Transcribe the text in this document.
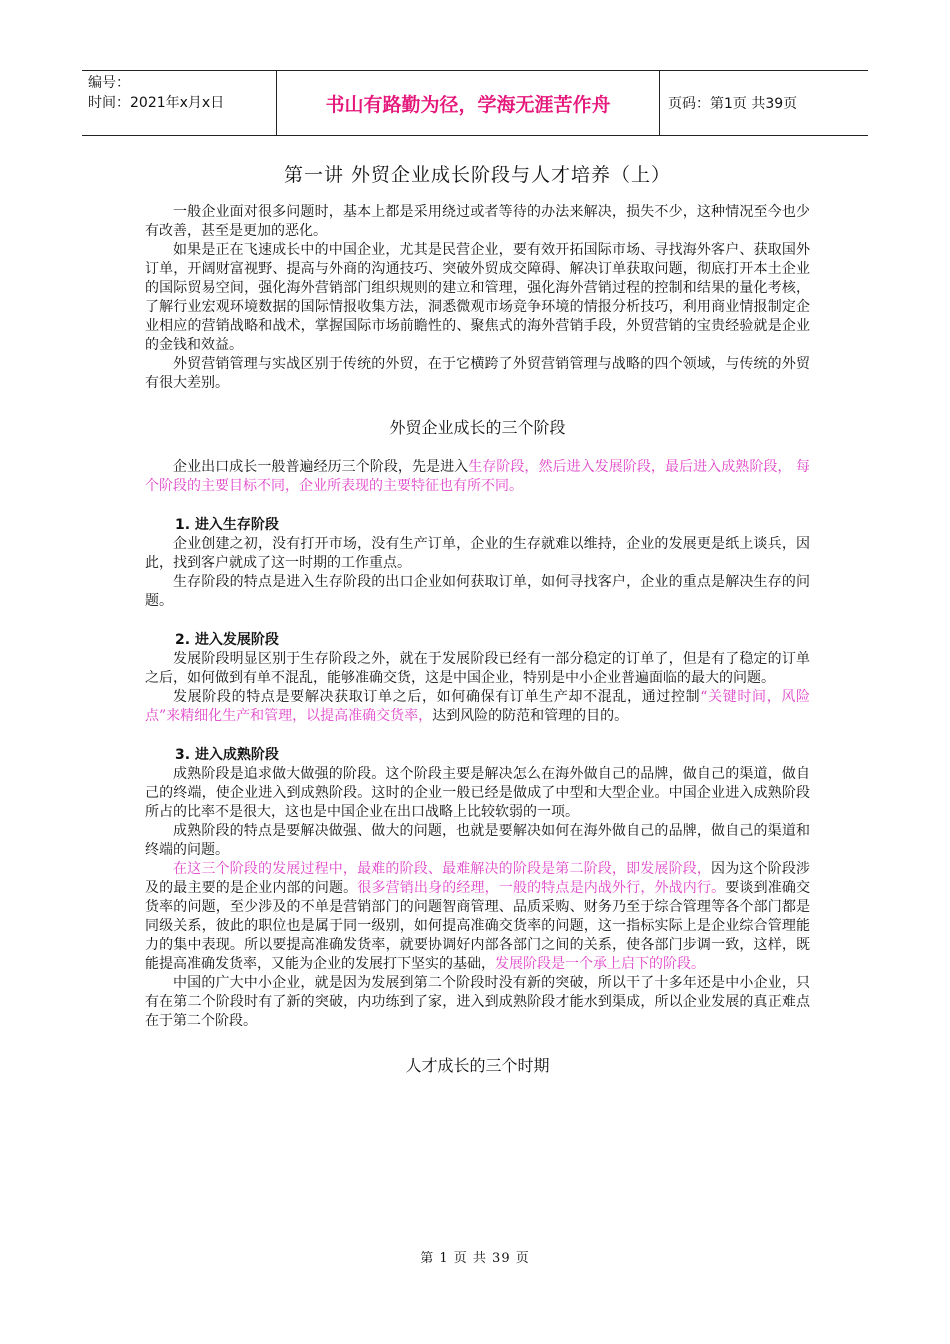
编号：
时间：2021年x月x日	书山有路勤为径，学海无涯苦作舟	页码：第1页 共39页
第一讲 外贸企业成长阶段与人才培养（上）

一般企业面对很多问题时，基本上都是采用绕过或者等待的办法来解决，损失不少，这种情况至今也少有改善，甚至是更加的恶化。

如果是正在飞速成长中的中国企业，尤其是民营企业，要有效开拓国际市场、寻找海外客户、获取国外订单，开阔财富视野、提高与外商的沟通技巧、突破外贸成交障碍、解决订单获取问题，彻底打开本土企业的国际贸易空间，强化海外营销部门组织规则的建立和管理，强化海外营销过程的控制和结果的量化考核，了解行业宏观环境数据的国际情报收集方法，洞悉微观市场竞争环境的情报分析技巧，利用商业情报制定企业相应的营销战略和战术，掌握国际市场前瞻性的、聚焦式的海外营销手段，外贸营销的宝贵经验就是企业的金钱和效益。

外贸营销管理与实战区别于传统的外贸，在于它横跨了外贸营销管理与战略的四个领域，与传统的外贸有很大差别。

外贸企业成长的三个阶段

企业出口成长一般普遍经历三个阶段，先是进入生存阶段，然后进入发展阶段，最后进入成熟阶段， 每个阶段的主要目标不同，企业所表现的主要特征也有所不同。

1. 进入生存阶段

企业创建之初，没有打开市场，没有生产订单，企业的生存就难以维持，企业的发展更是纸上谈兵，因此，找到客户就成了这一时期的工作重点。

生存阶段的特点是进入生存阶段的出口企业如何获取订单，如何寻找客户，企业的重点是解决生存的问题。

2. 进入发展阶段

发展阶段明显区别于生存阶段之外，就在于发展阶段已经有一部分稳定的订单了，但是有了稳定的订单之后，如何做到有单不混乱，能够准确交货，这是中国企业，特别是中小企业普遍面临的最大的问题。

发展阶段的特点是要解决获取订单之后，如何确保有订单生产却不混乱，通过控制“关键时间，风险点”来精细化生产和管理，以提高准确交货率，达到风险的防范和管理的目的。

3. 进入成熟阶段

成熟阶段是追求做大做强的阶段。这个阶段主要是解决怎么在海外做自己的品牌，做自己的渠道，做自己的终端，使企业进入到成熟阶段。这时的企业一般已经是做成了中型和大型企业。中国企业进入成熟阶段所占的比率不是很大，这也是中国企业在出口战略上比较软弱的一项。

成熟阶段的特点是要解决做强、做大的问题，也就是要解决如何在海外做自己的品牌，做自己的渠道和终端的问题。

在这三个阶段的发展过程中，最难的阶段、最难解决的阶段是第二阶段，即发展阶段，因为这个阶段涉及的最主要的是企业内部的问题。很多营销出身的经理，一般的特点是内战外行，外战内行。要谈到准确交货率的问题，至少涉及的不单是营销部门的问题智商管理、品质采购、财务乃至于综合管理等各个部门都是同级关系，彼此的职位也是属于同一级别，如何提高准确交货率的问题，这一指标实际上是企业综合管理能力的集中表现。所以要提高准确发货率，就要协调好内部各部门之间的关系，使各部门步调一致，这样，既能提高准确发货率，又能为企业的发展打下坚实的基础，发展阶段是一个承上启下的阶段。

中国的广大中小企业，就是因为发展到第二个阶段时没有新的突破，所以干了十多年还是中小企业，只有在第二个阶段时有了新的突破，内功练到了家，进入到成熟阶段才能水到渠成，所以企业发展的真正难点在于第二个阶段。

人才成长的三个时期
第 1 页 共 39 页
